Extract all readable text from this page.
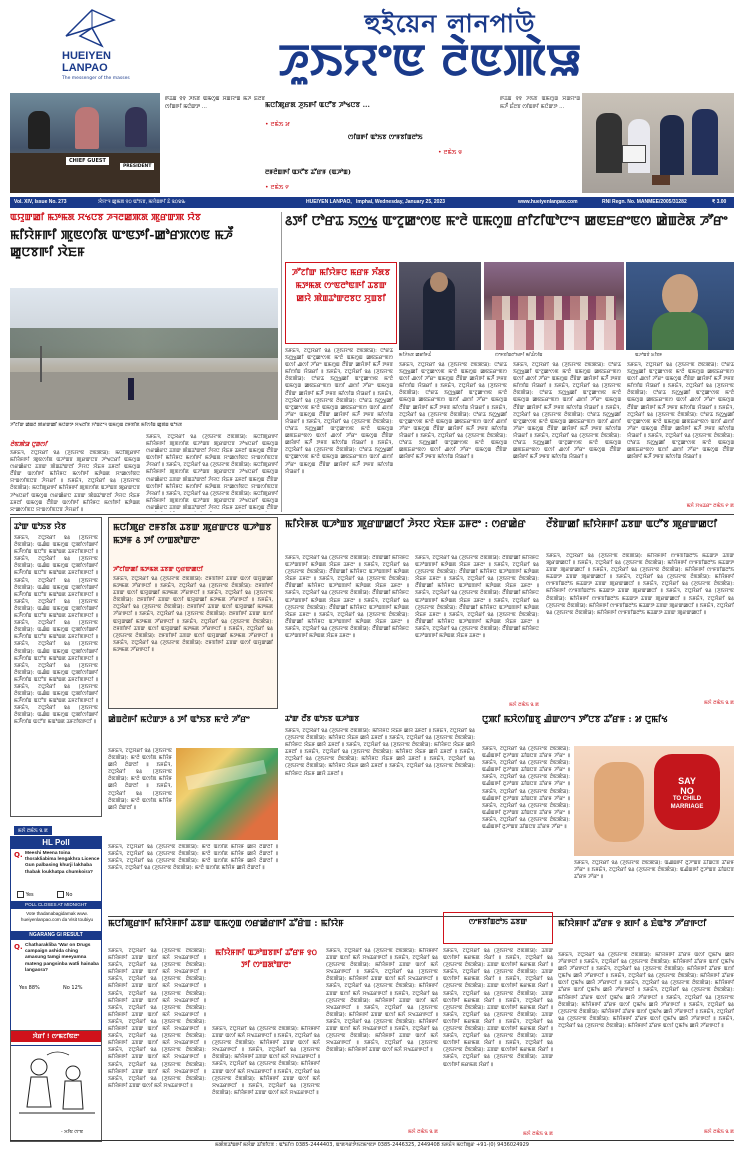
HUEIYEN
LANPAO
The messenger of the masses
হুইয়েন লানপাউ
ꯍꯨꯏꯌꯦꯟ ꯂꯥꯟꯄꯥꯎ
CHIEF GUEST
PRESIDENT
ꯒꯪꯊꯥꯡ ꯱꯱ ꯍꯥꯏꯕ ꯑꯃꯁꯨꯡ ꯆꯥꯡꯌꯦꯡ ꯃꯍꯩ ꯐꯪꯂꯕ ꯁꯤꯡꯒꯤ ꯃꯅꯥꯛꯇ ...	ꯃꯅꯤꯄꯨꯔꯗ ꯍꯨꯏꯒꯤ ꯑꯅꯧꯕ ꯍꯣꯠꯅꯕ ...
• ꯂꯃꯥꯏ ꯷
ꯁꯤꯡꯒꯤ ꯑꯣꯏꯕ ꯁꯦꯝꯕꯤꯡꯂꯣꯏ
• ꯂꯃꯥꯏ ꯶
ꯂꯝꯂꯥꯡꯒꯤ ꯑꯆꯧꯕ ꯊꯧꯔꯝ (ꯑꯍꯣꯡ)
• ꯂꯃꯥꯏ ꯵
ꯒꯪꯊꯥꯡ ꯱꯱ ꯍꯥꯏꯕ ꯑꯃꯁꯨꯡ ꯆꯥꯡꯌꯦꯡ ꯃꯍꯩ ꯐꯪꯂꯕ ꯁꯤꯡꯒꯤ ꯃꯅꯥꯛꯇ ...
Vol. XIV, Issue No. 273	ꯋꯥꯌꯦꯜ ꯀꯨꯃꯗ ꯱꯰ ꯑꯣꯏꯕ, ꯃꯌꯥꯡꯒꯤ ꯊꯥ ꯲꯰꯲꯳	HUEIYEN LANPAO, Imphal, Wednesday, January 25, 2023	www.hueiyenlanpao.com	RNI Regn. No. MANMEE/2005/31282	₹ 3.00
ꯑꯌꯨꯛꯀꯤ ꯃꯇꯃꯗ ꯆꯠꯅꯕ ꯍꯜꯂꯀꯄꯗ ꯄꯨꯔꯛꯄ ꯌꯥꯕ
ꯃꯤꯌꯥꯝꯒꯤ ꯄꯨꯟꯁꯤꯗ ꯑꯦꯟꯇꯤ-ꯀꯣꯔꯞꯁꯟ ꯃꯍꯩ ꯀꯨꯅꯕꯒꯤ ꯋꯥꯐꯝ
ꯍꯧꯖꯤꯛ ꯀꯥꯡꯂꯥ ꯄꯥꯔꯛꯀꯤ ꯃꯅꯥꯛꯇ ꯆꯠꯂꯤꯕ ꯈꯣꯡꯖꯦꯜ ꯑꯃꯁꯨꯡ ꯂꯝꯕꯤꯗ ꯃꯤꯁꯤꯡ ꯀꯨꯗꯥꯡ ꯑꯣꯏꯕ
ꯂꯥꯟꯄꯥꯎ ꯅꯨꯡꯁꯤ
ꯏꯝꯐꯥꯜ, ꯖꯅꯨꯋꯥꯔꯤ ꯲꯴ (ꯍꯨꯏꯌꯦꯟ ꯂꯥꯟꯄꯥꯎ): ꯃꯅꯤꯄꯨꯔꯒꯤ ꯃꯤꯌꯥꯝꯒꯤ ꯄꯨꯟꯁꯤꯗ ꯑꯍꯣꯡꯕ ꯄꯨꯔꯛꯅꯕ ꯍꯣꯠꯅꯔꯤ ꯑꯃꯁꯨꯡ ꯁꯔꯀꯥꯔꯅ ꯊꯕꯛ ꯄꯥꯡꯊꯣꯛꯂꯤ ꯍꯥꯌꯅ ꯋꯥꯐꯝ ꯊꯝꯂꯤ ꯑꯃꯁꯨꯡ ꯂꯩꯕꯥꯛ ꯑꯁꯤꯒꯤ ꯃꯤꯌꯥꯝꯅ ꯃꯁꯤꯒꯤ ꯃꯇꯥꯡꯗ ꯆꯦꯀꯁꯤꯟꯅ ꯌꯦꯡꯁꯤꯟꯅꯕ ꯍꯥꯌꯔꯤ ꯫ ꯏꯝꯐꯥꯜ, ꯖꯅꯨꯋꯥꯔꯤ ꯲꯴ (ꯍꯨꯏꯌꯦꯟ ꯂꯥꯟꯄꯥꯎ): ꯃꯅꯤꯄꯨꯔꯒꯤ ꯃꯤꯌꯥꯝꯒꯤ ꯄꯨꯟꯁꯤꯗ ꯑꯍꯣꯡꯕ ꯄꯨꯔꯛꯅꯕ ꯍꯣꯠꯅꯔꯤ ꯑꯃꯁꯨꯡ ꯁꯔꯀꯥꯔꯅ ꯊꯕꯛ ꯄꯥꯡꯊꯣꯛꯂꯤ ꯍꯥꯌꯅ ꯋꯥꯐꯝ ꯊꯝꯂꯤ ꯑꯃꯁꯨꯡ ꯂꯩꯕꯥꯛ ꯑꯁꯤꯒꯤ ꯃꯤꯌꯥꯝꯅ ꯃꯁꯤꯒꯤ ꯃꯇꯥꯡꯗ ꯆꯦꯀꯁꯤꯟꯅ ꯌꯦꯡꯁꯤꯟꯅꯕ ꯍꯥꯌꯔꯤ ꯫
ꯏꯝꯐꯥꯜ, ꯖꯅꯨꯋꯥꯔꯤ ꯲꯴ (ꯍꯨꯏꯌꯦꯟ ꯂꯥꯟꯄꯥꯎ): ꯃꯅꯤꯄꯨꯔꯒꯤ ꯃꯤꯌꯥꯝꯒꯤ ꯄꯨꯟꯁꯤꯗ ꯑꯍꯣꯡꯕ ꯄꯨꯔꯛꯅꯕ ꯍꯣꯠꯅꯔꯤ ꯑꯃꯁꯨꯡ ꯁꯔꯀꯥꯔꯅ ꯊꯕꯛ ꯄꯥꯡꯊꯣꯛꯂꯤ ꯍꯥꯌꯅ ꯋꯥꯐꯝ ꯊꯝꯂꯤ ꯑꯃꯁꯨꯡ ꯂꯩꯕꯥꯛ ꯑꯁꯤꯒꯤ ꯃꯤꯌꯥꯝꯅ ꯃꯁꯤꯒꯤ ꯃꯇꯥꯡꯗ ꯆꯦꯀꯁꯤꯟꯅ ꯌꯦꯡꯁꯤꯟꯅꯕ ꯍꯥꯌꯔꯤ ꯫ ꯏꯝꯐꯥꯜ, ꯖꯅꯨꯋꯥꯔꯤ ꯲꯴ (ꯍꯨꯏꯌꯦꯟ ꯂꯥꯟꯄꯥꯎ): ꯃꯅꯤꯄꯨꯔꯒꯤ ꯃꯤꯌꯥꯝꯒꯤ ꯄꯨꯟꯁꯤꯗ ꯑꯍꯣꯡꯕ ꯄꯨꯔꯛꯅꯕ ꯍꯣꯠꯅꯔꯤ ꯑꯃꯁꯨꯡ ꯁꯔꯀꯥꯔꯅ ꯊꯕꯛ ꯄꯥꯡꯊꯣꯛꯂꯤ ꯍꯥꯌꯅ ꯋꯥꯐꯝ ꯊꯝꯂꯤ ꯑꯃꯁꯨꯡ ꯂꯩꯕꯥꯛ ꯑꯁꯤꯒꯤ ꯃꯤꯌꯥꯝꯅ ꯃꯁꯤꯒꯤ ꯃꯇꯥꯡꯗ ꯆꯦꯀꯁꯤꯟꯅ ꯌꯦꯡꯁꯤꯟꯅꯕ ꯍꯥꯌꯔꯤ ꯫ ꯏꯝꯐꯥꯜ, ꯖꯅꯨꯋꯥꯔꯤ ꯲꯴ (ꯍꯨꯏꯌꯦꯟ ꯂꯥꯟꯄꯥꯎ): ꯃꯅꯤꯄꯨꯔꯒꯤ ꯃꯤꯌꯥꯝꯒꯤ ꯄꯨꯟꯁꯤꯗ ꯑꯍꯣꯡꯕ ꯄꯨꯔꯛꯅꯕ ꯍꯣꯠꯅꯔꯤ ꯑꯃꯁꯨꯡ ꯁꯔꯀꯥꯔꯅ ꯊꯕꯛ ꯄꯥꯡꯊꯣꯛꯂꯤ ꯍꯥꯌꯅ ꯋꯥꯐꯝ ꯊꯝꯂꯤ ꯑꯃꯁꯨꯡ ꯂꯩꯕꯥꯛ
꯴ꯇꯤ ꯅꯣꯔꯊ ꯏꯁ꯭ꯠ ꯑꯦꯖꯨꯀꯦꯁꯟ ꯃꯦꯂꯥ ꯑꯃꯁꯨꯡ ꯔꯤꯖꯤꯑꯣꯅꯦꯜ ꯀꯟꯐꯔꯦꯟꯁ ꯀꯥꯡꯂꯥꯗ ꯍꯧꯔꯦ
ꯍꯧꯖꯤꯛ ꯃꯤꯌꯥꯝꯅ ꯃꯔꯝ ꯈꯪꯗꯕ ꯃꯇꯃꯗ ꯁꯦꯟꯂꯣꯟꯒꯤ ꯊꯕꯛ ꯀꯌꯥ ꯄꯥꯡꯊꯣꯛꯂꯕꯅ ꯆꯨꯡꯕꯤ
ꯃꯤꯍꯥꯏꯕ ꯀꯔꯤꯝꯊꯪ	ꯁꯦꯝꯕꯤꯡꯂꯣꯏꯒꯤ ꯃꯤꯊꯪꯁꯤꯡ	ꯑꯍꯣꯡꯕꯥ ꯐꯤꯕꯝ
ꯏꯝꯐꯥꯜ, ꯖꯅꯨꯋꯥꯔꯤ ꯲꯴ (ꯍꯨꯏꯌꯦꯟ ꯂꯥꯟꯄꯥꯎ): ꯅꯣꯔꯊ ꯏꯁ꯭ꯠꯀꯤ ꯑꯦꯖꯨꯀꯦꯁꯟ ꯃꯦꯂꯥ ꯑꯃꯁꯨꯡ ꯀꯟꯐꯔꯦꯟꯁ ꯑꯁꯤ ꯉꯁꯤ ꯍꯧꯔꯦ ꯑꯃꯁꯨꯡ ꯂꯩꯕꯥꯛ ꯀꯌꯥꯒꯤ ꯃꯍꯩ ꯇꯝꯕ ꯃꯤꯁꯤꯡ ꯌꯥꯎꯔꯤ ꯫ ꯏꯝꯐꯥꯜ, ꯖꯅꯨꯋꯥꯔꯤ ꯲꯴ (ꯍꯨꯏꯌꯦꯟ ꯂꯥꯟꯄꯥꯎ): ꯅꯣꯔꯊ ꯏꯁ꯭ꯠꯀꯤ ꯑꯦꯖꯨꯀꯦꯁꯟ ꯃꯦꯂꯥ ꯑꯃꯁꯨꯡ ꯀꯟꯐꯔꯦꯟꯁ ꯑꯁꯤ ꯉꯁꯤ ꯍꯧꯔꯦ ꯑꯃꯁꯨꯡ ꯂꯩꯕꯥꯛ ꯀꯌꯥꯒꯤ ꯃꯍꯩ ꯇꯝꯕ ꯃꯤꯁꯤꯡ ꯌꯥꯎꯔꯤ ꯫ ꯏꯝꯐꯥꯜ, ꯖꯅꯨꯋꯥꯔꯤ ꯲꯴ (ꯍꯨꯏꯌꯦꯟ ꯂꯥꯟꯄꯥꯎ): ꯅꯣꯔꯊ ꯏꯁ꯭ꯠꯀꯤ ꯑꯦꯖꯨꯀꯦꯁꯟ ꯃꯦꯂꯥ ꯑꯃꯁꯨꯡ ꯀꯟꯐꯔꯦꯟꯁ ꯑꯁꯤ ꯉꯁꯤ ꯍꯧꯔꯦ ꯑꯃꯁꯨꯡ ꯂꯩꯕꯥꯛ ꯀꯌꯥꯒꯤ ꯃꯍꯩ ꯇꯝꯕ ꯃꯤꯁꯤꯡ ꯌꯥꯎꯔꯤ ꯫ ꯏꯝꯐꯥꯜ, ꯖꯅꯨꯋꯥꯔꯤ ꯲꯴ (ꯍꯨꯏꯌꯦꯟ ꯂꯥꯟꯄꯥꯎ): ꯅꯣꯔꯊ ꯏꯁ꯭ꯠꯀꯤ ꯑꯦꯖꯨꯀꯦꯁꯟ ꯃꯦꯂꯥ ꯑꯃꯁꯨꯡ ꯀꯟꯐꯔꯦꯟꯁ ꯑꯁꯤ ꯉꯁꯤ ꯍꯧꯔꯦ ꯑꯃꯁꯨꯡ ꯂꯩꯕꯥꯛ ꯀꯌꯥꯒꯤ ꯃꯍꯩ ꯇꯝꯕ ꯃꯤꯁꯤꯡ ꯌꯥꯎꯔꯤ ꯫ ꯏꯝꯐꯥꯜ, ꯖꯅꯨꯋꯥꯔꯤ ꯲꯴ (ꯍꯨꯏꯌꯦꯟ ꯂꯥꯟꯄꯥꯎ): ꯅꯣꯔꯊ ꯏꯁ꯭ꯠꯀꯤ ꯑꯦꯖꯨꯀꯦꯁꯟ ꯃꯦꯂꯥ ꯑꯃꯁꯨꯡ ꯀꯟꯐꯔꯦꯟꯁ ꯑꯁꯤ ꯉꯁꯤ ꯍꯧꯔꯦ ꯑꯃꯁꯨꯡ ꯂꯩꯕꯥꯛ ꯀꯌꯥꯒꯤ ꯃꯍꯩ ꯇꯝꯕ ꯃꯤꯁꯤꯡ ꯌꯥꯎꯔꯤ ꯫
ꯏꯝꯐꯥꯜ, ꯖꯅꯨꯋꯥꯔꯤ ꯲꯴ (ꯍꯨꯏꯌꯦꯟ ꯂꯥꯟꯄꯥꯎ): ꯅꯣꯔꯊ ꯏꯁ꯭ꯠꯀꯤ ꯑꯦꯖꯨꯀꯦꯁꯟ ꯃꯦꯂꯥ ꯑꯃꯁꯨꯡ ꯀꯟꯐꯔꯦꯟꯁ ꯑꯁꯤ ꯉꯁꯤ ꯍꯧꯔꯦ ꯑꯃꯁꯨꯡ ꯂꯩꯕꯥꯛ ꯀꯌꯥꯒꯤ ꯃꯍꯩ ꯇꯝꯕ ꯃꯤꯁꯤꯡ ꯌꯥꯎꯔꯤ ꯫ ꯏꯝꯐꯥꯜ, ꯖꯅꯨꯋꯥꯔꯤ ꯲꯴ (ꯍꯨꯏꯌꯦꯟ ꯂꯥꯟꯄꯥꯎ): ꯅꯣꯔꯊ ꯏꯁ꯭ꯠꯀꯤ ꯑꯦꯖꯨꯀꯦꯁꯟ ꯃꯦꯂꯥ ꯑꯃꯁꯨꯡ ꯀꯟꯐꯔꯦꯟꯁ ꯑꯁꯤ ꯉꯁꯤ ꯍꯧꯔꯦ ꯑꯃꯁꯨꯡ ꯂꯩꯕꯥꯛ ꯀꯌꯥꯒꯤ ꯃꯍꯩ ꯇꯝꯕ ꯃꯤꯁꯤꯡ ꯌꯥꯎꯔꯤ ꯫ ꯏꯝꯐꯥꯜ, ꯖꯅꯨꯋꯥꯔꯤ ꯲꯴ (ꯍꯨꯏꯌꯦꯟ ꯂꯥꯟꯄꯥꯎ): ꯅꯣꯔꯊ ꯏꯁ꯭ꯠꯀꯤ ꯑꯦꯖꯨꯀꯦꯁꯟ ꯃꯦꯂꯥ ꯑꯃꯁꯨꯡ ꯀꯟꯐꯔꯦꯟꯁ ꯑꯁꯤ ꯉꯁꯤ ꯍꯧꯔꯦ ꯑꯃꯁꯨꯡ ꯂꯩꯕꯥꯛ ꯀꯌꯥꯒꯤ ꯃꯍꯩ ꯇꯝꯕ ꯃꯤꯁꯤꯡ ꯌꯥꯎꯔꯤ ꯫ ꯏꯝꯐꯥꯜ, ꯖꯅꯨꯋꯥꯔꯤ ꯲꯴ (ꯍꯨꯏꯌꯦꯟ ꯂꯥꯟꯄꯥꯎ): ꯅꯣꯔꯊ ꯏꯁ꯭ꯠꯀꯤ ꯑꯦꯖꯨꯀꯦꯁꯟ ꯃꯦꯂꯥ ꯑꯃꯁꯨꯡ ꯀꯟꯐꯔꯦꯟꯁ ꯑꯁꯤ ꯉꯁꯤ ꯍꯧꯔꯦ ꯑꯃꯁꯨꯡ ꯂꯩꯕꯥꯛ ꯀꯌꯥꯒꯤ ꯃꯍꯩ ꯇꯝꯕ ꯃꯤꯁꯤꯡ ꯌꯥꯎꯔꯤ ꯫
ꯏꯝꯐꯥꯜ, ꯖꯅꯨꯋꯥꯔꯤ ꯲꯴ (ꯍꯨꯏꯌꯦꯟ ꯂꯥꯟꯄꯥꯎ): ꯅꯣꯔꯊ ꯏꯁ꯭ꯠꯀꯤ ꯑꯦꯖꯨꯀꯦꯁꯟ ꯃꯦꯂꯥ ꯑꯃꯁꯨꯡ ꯀꯟꯐꯔꯦꯟꯁ ꯑꯁꯤ ꯉꯁꯤ ꯍꯧꯔꯦ ꯑꯃꯁꯨꯡ ꯂꯩꯕꯥꯛ ꯀꯌꯥꯒꯤ ꯃꯍꯩ ꯇꯝꯕ ꯃꯤꯁꯤꯡ ꯌꯥꯎꯔꯤ ꯫ ꯏꯝꯐꯥꯜ, ꯖꯅꯨꯋꯥꯔꯤ ꯲꯴ (ꯍꯨꯏꯌꯦꯟ ꯂꯥꯟꯄꯥꯎ): ꯅꯣꯔꯊ ꯏꯁ꯭ꯠꯀꯤ ꯑꯦꯖꯨꯀꯦꯁꯟ ꯃꯦꯂꯥ ꯑꯃꯁꯨꯡ ꯀꯟꯐꯔꯦꯟꯁ ꯑꯁꯤ ꯉꯁꯤ ꯍꯧꯔꯦ ꯑꯃꯁꯨꯡ ꯂꯩꯕꯥꯛ ꯀꯌꯥꯒꯤ ꯃꯍꯩ ꯇꯝꯕ ꯃꯤꯁꯤꯡ ꯌꯥꯎꯔꯤ ꯫ ꯏꯝꯐꯥꯜ, ꯖꯅꯨꯋꯥꯔꯤ ꯲꯴ (ꯍꯨꯏꯌꯦꯟ ꯂꯥꯟꯄꯥꯎ): ꯅꯣꯔꯊ ꯏꯁ꯭ꯠꯀꯤ ꯑꯦꯖꯨꯀꯦꯁꯟ ꯃꯦꯂꯥ ꯑꯃꯁꯨꯡ ꯀꯟꯐꯔꯦꯟꯁ ꯑꯁꯤ ꯉꯁꯤ ꯍꯧꯔꯦ ꯑꯃꯁꯨꯡ ꯂꯩꯕꯥꯛ ꯀꯌꯥꯒꯤ ꯃꯍꯩ ꯇꯝꯕ ꯃꯤꯁꯤꯡ ꯌꯥꯎꯔꯤ ꯫ ꯏꯝꯐꯥꯜ, ꯖꯅꯨꯋꯥꯔꯤ ꯲꯴ (ꯍꯨꯏꯌꯦꯟ ꯂꯥꯟꯄꯥꯎ): ꯅꯣꯔꯊ ꯏꯁ꯭ꯠꯀꯤ ꯑꯦꯖꯨꯀꯦꯁꯟ ꯃꯦꯂꯥ ꯑꯃꯁꯨꯡ ꯀꯟꯐꯔꯦꯟꯁ ꯑꯁꯤ ꯉꯁꯤ ꯍꯧꯔꯦ ꯑꯃꯁꯨꯡ ꯂꯩꯕꯥꯛ ꯀꯌꯥꯒꯤ ꯃꯍꯩ ꯇꯝꯕ ꯃꯤꯁꯤꯡ ꯌꯥꯎꯔꯤ ꯫
ꯏꯝꯐꯥꯜ, ꯖꯅꯨꯋꯥꯔꯤ ꯲꯴ (ꯍꯨꯏꯌꯦꯟ ꯂꯥꯟꯄꯥꯎ): ꯅꯣꯔꯊ ꯏꯁ꯭ꯠꯀꯤ ꯑꯦꯖꯨꯀꯦꯁꯟ ꯃꯦꯂꯥ ꯑꯃꯁꯨꯡ ꯀꯟꯐꯔꯦꯟꯁ ꯑꯁꯤ ꯉꯁꯤ ꯍꯧꯔꯦ ꯑꯃꯁꯨꯡ ꯂꯩꯕꯥꯛ ꯀꯌꯥꯒꯤ ꯃꯍꯩ ꯇꯝꯕ ꯃꯤꯁꯤꯡ ꯌꯥꯎꯔꯤ ꯫ ꯏꯝꯐꯥꯜ, ꯖꯅꯨꯋꯥꯔꯤ ꯲꯴ (ꯍꯨꯏꯌꯦꯟ ꯂꯥꯟꯄꯥꯎ): ꯅꯣꯔꯊ ꯏꯁ꯭ꯠꯀꯤ ꯑꯦꯖꯨꯀꯦꯁꯟ ꯃꯦꯂꯥ ꯑꯃꯁꯨꯡ ꯀꯟꯐꯔꯦꯟꯁ ꯑꯁꯤ ꯉꯁꯤ ꯍꯧꯔꯦ ꯑꯃꯁꯨꯡ ꯂꯩꯕꯥꯛ ꯀꯌꯥꯒꯤ ꯃꯍꯩ ꯇꯝꯕ ꯃꯤꯁꯤꯡ ꯌꯥꯎꯔꯤ ꯫ ꯏꯝꯐꯥꯜ, ꯖꯅꯨꯋꯥꯔꯤ ꯲꯴ (ꯍꯨꯏꯌꯦꯟ ꯂꯥꯟꯄꯥꯎ): ꯅꯣꯔꯊ ꯏꯁ꯭ꯠꯀꯤ ꯑꯦꯖꯨꯀꯦꯁꯟ ꯃꯦꯂꯥ ꯑꯃꯁꯨꯡ ꯀꯟꯐꯔꯦꯟꯁ ꯑꯁꯤ ꯉꯁꯤ ꯍꯧꯔꯦ ꯑꯃꯁꯨꯡ ꯂꯩꯕꯥꯛ ꯀꯌꯥꯒꯤ ꯃꯍꯩ ꯇꯝꯕ ꯃꯤꯁꯤꯡ ꯌꯥꯎꯔꯤ ꯫ ꯏꯝꯐꯥꯜ, ꯖꯅꯨꯋꯥꯔꯤ ꯲꯴ (ꯍꯨꯏꯌꯦꯟ ꯂꯥꯟꯄꯥꯎ): ꯅꯣꯔꯊ ꯏꯁ꯭ꯠꯀꯤ ꯑꯦꯖꯨꯀꯦꯁꯟ ꯃꯦꯂꯥ ꯑꯃꯁꯨꯡ ꯀꯟꯐꯔꯦꯟꯁ ꯑꯁꯤ ꯉꯁꯤ ꯍꯧꯔꯦ ꯑꯃꯁꯨꯡ ꯂꯩꯕꯥꯛ ꯀꯌꯥꯒꯤ ꯃꯍꯩ ꯇꯝꯕ ꯃꯤꯁꯤꯡ ꯌꯥꯎꯔꯤ ꯫
ꯃꯈꯥ ꯆꯠꯊꯔꯦ ꯂꯃꯥꯏ ꯵ ꯗ
ꯊꯣꯛ ꯑꯣꯏꯕ ꯌꯥꯕ
ꯏꯝꯐꯥꯜ, ꯖꯅꯨꯋꯥꯔꯤ ꯲꯴ (ꯍꯨꯏꯌꯦꯟ ꯂꯥꯟꯄꯥꯎ): ꯑꯉꯥꯡ ꯑꯃꯁꯨꯡ ꯅꯨꯄꯤꯁꯤꯡꯒꯤ ꯃꯍꯩꯁꯤꯡ ꯑꯅꯧꯕ ꯃꯑꯣꯡꯗ ꯊꯝꯖꯤꯟꯒꯅꯤ ꯫ ꯏꯝꯐꯥꯜ, ꯖꯅꯨꯋꯥꯔꯤ ꯲꯴ (ꯍꯨꯏꯌꯦꯟ ꯂꯥꯟꯄꯥꯎ): ꯑꯉꯥꯡ ꯑꯃꯁꯨꯡ ꯅꯨꯄꯤꯁꯤꯡꯒꯤ ꯃꯍꯩꯁꯤꯡ ꯑꯅꯧꯕ ꯃꯑꯣꯡꯗ ꯊꯝꯖꯤꯟꯒꯅꯤ ꯫ ꯏꯝꯐꯥꯜ, ꯖꯅꯨꯋꯥꯔꯤ ꯲꯴ (ꯍꯨꯏꯌꯦꯟ ꯂꯥꯟꯄꯥꯎ): ꯑꯉꯥꯡ ꯑꯃꯁꯨꯡ ꯅꯨꯄꯤꯁꯤꯡꯒꯤ ꯃꯍꯩꯁꯤꯡ ꯑꯅꯧꯕ ꯃꯑꯣꯡꯗ ꯊꯝꯖꯤꯟꯒꯅꯤ ꯫ ꯏꯝꯐꯥꯜ, ꯖꯅꯨꯋꯥꯔꯤ ꯲꯴ (ꯍꯨꯏꯌꯦꯟ ꯂꯥꯟꯄꯥꯎ): ꯑꯉꯥꯡ ꯑꯃꯁꯨꯡ ꯅꯨꯄꯤꯁꯤꯡꯒꯤ ꯃꯍꯩꯁꯤꯡ ꯑꯅꯧꯕ ꯃꯑꯣꯡꯗ ꯊꯝꯖꯤꯟꯒꯅꯤ ꯫ ꯏꯝꯐꯥꯜ, ꯖꯅꯨꯋꯥꯔꯤ ꯲꯴ (ꯍꯨꯏꯌꯦꯟ ꯂꯥꯟꯄꯥꯎ): ꯑꯉꯥꯡ ꯑꯃꯁꯨꯡ ꯅꯨꯄꯤꯁꯤꯡꯒꯤ ꯃꯍꯩꯁꯤꯡ ꯑꯅꯧꯕ ꯃꯑꯣꯡꯗ ꯊꯝꯖꯤꯟꯒꯅꯤ ꯫ ꯏꯝꯐꯥꯜ, ꯖꯅꯨꯋꯥꯔꯤ ꯲꯴ (ꯍꯨꯏꯌꯦꯟ ꯂꯥꯟꯄꯥꯎ): ꯑꯉꯥꯡ ꯑꯃꯁꯨꯡ ꯅꯨꯄꯤꯁꯤꯡꯒꯤ ꯃꯍꯩꯁꯤꯡ ꯑꯅꯧꯕ ꯃꯑꯣꯡꯗ ꯊꯝꯖꯤꯟꯒꯅꯤ ꯫ ꯏꯝꯐꯥꯜ, ꯖꯅꯨꯋꯥꯔꯤ ꯲꯴ (ꯍꯨꯏꯌꯦꯟ ꯂꯥꯟꯄꯥꯎ): ꯑꯉꯥꯡ ꯑꯃꯁꯨꯡ ꯅꯨꯄꯤꯁꯤꯡꯒꯤ ꯃꯍꯩꯁꯤꯡ ꯑꯅꯧꯕ ꯃꯑꯣꯡꯗ ꯊꯝꯖꯤꯟꯒꯅꯤ ꯫ ꯏꯝꯐꯥꯜ, ꯖꯅꯨꯋꯥꯔꯤ ꯲꯴ (ꯍꯨꯏꯌꯦꯟ ꯂꯥꯟꯄꯥꯎ): ꯑꯉꯥꯡ ꯑꯃꯁꯨꯡ ꯅꯨꯄꯤꯁꯤꯡꯒꯤ ꯃꯍꯩꯁꯤꯡ ꯑꯅꯧꯕ ꯃꯑꯣꯡꯗ ꯊꯝꯖꯤꯟꯒꯅꯤ ꯫ ꯏꯝꯐꯥꯜ, ꯖꯅꯨꯋꯥꯔꯤ ꯲꯴ (ꯍꯨꯏꯌꯦꯟ ꯂꯥꯟꯄꯥꯎ): ꯑꯉꯥꯡ ꯑꯃꯁꯨꯡ ꯅꯨꯄꯤꯁꯤꯡꯒꯤ ꯃꯍꯩꯁꯤꯡ ꯑꯅꯧꯕ ꯃꯑꯣꯡꯗ ꯊꯝꯖꯤꯟꯒꯅꯤ ꯫
ꯃꯅꯤꯄꯨꯔ ꯂꯝꯕꯤꯗ ꯊꯕꯛ ꯄꯨꯔꯛꯅꯕ ꯑꯍꯣꯡꯕ ꯃꯇꯝ ꯴ ꯇꯤ ꯁꯦꯡꯗꯣꯛꯂꯦ
ꯍꯧꯖꯤꯛꯀꯤ ꯃꯇꯃꯗ ꯊꯕꯛ ꯁꯨꯔꯛꯀꯅꯤ
ꯏꯝꯐꯥꯜ, ꯖꯅꯨꯋꯥꯔꯤ ꯲꯴ (ꯍꯨꯏꯌꯦꯟ ꯂꯥꯟꯄꯥꯎ): ꯂꯝꯕꯤꯒꯤ ꯊꯕꯛ ꯑꯁꯤ ꯑꯌꯨꯛꯀꯤ ꯃꯇꯃꯗ ꯍꯧꯔꯒꯅꯤ ꯫ ꯏꯝꯐꯥꯜ, ꯖꯅꯨꯋꯥꯔꯤ ꯲꯴ (ꯍꯨꯏꯌꯦꯟ ꯂꯥꯟꯄꯥꯎ): ꯂꯝꯕꯤꯒꯤ ꯊꯕꯛ ꯑꯁꯤ ꯑꯌꯨꯛꯀꯤ ꯃꯇꯃꯗ ꯍꯧꯔꯒꯅꯤ ꯫ ꯏꯝꯐꯥꯜ, ꯖꯅꯨꯋꯥꯔꯤ ꯲꯴ (ꯍꯨꯏꯌꯦꯟ ꯂꯥꯟꯄꯥꯎ): ꯂꯝꯕꯤꯒꯤ ꯊꯕꯛ ꯑꯁꯤ ꯑꯌꯨꯛꯀꯤ ꯃꯇꯃꯗ ꯍꯧꯔꯒꯅꯤ ꯫ ꯏꯝꯐꯥꯜ, ꯖꯅꯨꯋꯥꯔꯤ ꯲꯴ (ꯍꯨꯏꯌꯦꯟ ꯂꯥꯟꯄꯥꯎ): ꯂꯝꯕꯤꯒꯤ ꯊꯕꯛ ꯑꯁꯤ ꯑꯌꯨꯛꯀꯤ ꯃꯇꯃꯗ ꯍꯧꯔꯒꯅꯤ ꯫ ꯏꯝꯐꯥꯜ, ꯖꯅꯨꯋꯥꯔꯤ ꯲꯴ (ꯍꯨꯏꯌꯦꯟ ꯂꯥꯟꯄꯥꯎ): ꯂꯝꯕꯤꯒꯤ ꯊꯕꯛ ꯑꯁꯤ ꯑꯌꯨꯛꯀꯤ ꯃꯇꯃꯗ ꯍꯧꯔꯒꯅꯤ ꯫ ꯏꯝꯐꯥꯜ, ꯖꯅꯨꯋꯥꯔꯤ ꯲꯴ (ꯍꯨꯏꯌꯦꯟ ꯂꯥꯟꯄꯥꯎ): ꯂꯝꯕꯤꯒꯤ ꯊꯕꯛ ꯑꯁꯤ ꯑꯌꯨꯛꯀꯤ ꯃꯇꯃꯗ ꯍꯧꯔꯒꯅꯤ ꯫ ꯏꯝꯐꯥꯜ, ꯖꯅꯨꯋꯥꯔꯤ ꯲꯴ (ꯍꯨꯏꯌꯦꯟ ꯂꯥꯟꯄꯥꯎ): ꯂꯝꯕꯤꯒꯤ ꯊꯕꯛ ꯑꯁꯤ ꯑꯌꯨꯛꯀꯤ ꯃꯇꯃꯗ ꯍꯧꯔꯒꯅꯤ ꯫ ꯏꯝꯐꯥꯜ, ꯖꯅꯨꯋꯥꯔꯤ ꯲꯴ (ꯍꯨꯏꯌꯦꯟ ꯂꯥꯟꯄꯥꯎ): ꯂꯝꯕꯤꯒꯤ ꯊꯕꯛ ꯑꯁꯤ ꯑꯌꯨꯛꯀꯤ ꯃꯇꯃꯗ ꯍꯧꯔꯒꯅꯤ ꯫
ꯃꯤꯌꯥꯝꯗ ꯑꯍꯣꯡꯕ ꯄꯨꯔꯛꯀꯅꯤ ꯍꯥꯌꯅ ꯋꯥꯐꯝ ꯊꯝꯂꯦ : ꯁꯔꯀꯥꯔ
ꯏꯝꯐꯥꯜ, ꯖꯅꯨꯋꯥꯔꯤ ꯲꯴ (ꯍꯨꯏꯌꯦꯟ ꯂꯥꯟꯄꯥꯎ): ꯂꯩꯕꯥꯛꯀꯤ ꯃꯤꯌꯥꯝꯅ ꯑꯍꯣꯡꯕꯒꯤ ꯃꯇꯥꯡꯗ ꯋꯥꯐꯝ ꯊꯝꯂꯦ ꯫ ꯏꯝꯐꯥꯜ, ꯖꯅꯨꯋꯥꯔꯤ ꯲꯴ (ꯍꯨꯏꯌꯦꯟ ꯂꯥꯟꯄꯥꯎ): ꯂꯩꯕꯥꯛꯀꯤ ꯃꯤꯌꯥꯝꯅ ꯑꯍꯣꯡꯕꯒꯤ ꯃꯇꯥꯡꯗ ꯋꯥꯐꯝ ꯊꯝꯂꯦ ꯫ ꯏꯝꯐꯥꯜ, ꯖꯅꯨꯋꯥꯔꯤ ꯲꯴ (ꯍꯨꯏꯌꯦꯟ ꯂꯥꯟꯄꯥꯎ): ꯂꯩꯕꯥꯛꯀꯤ ꯃꯤꯌꯥꯝꯅ ꯑꯍꯣꯡꯕꯒꯤ ꯃꯇꯥꯡꯗ ꯋꯥꯐꯝ ꯊꯝꯂꯦ ꯫ ꯏꯝꯐꯥꯜ, ꯖꯅꯨꯋꯥꯔꯤ ꯲꯴ (ꯍꯨꯏꯌꯦꯟ ꯂꯥꯟꯄꯥꯎ): ꯂꯩꯕꯥꯛꯀꯤ ꯃꯤꯌꯥꯝꯅ ꯑꯍꯣꯡꯕꯒꯤ ꯃꯇꯥꯡꯗ ꯋꯥꯐꯝ ꯊꯝꯂꯦ ꯫ ꯏꯝꯐꯥꯜ, ꯖꯅꯨꯋꯥꯔꯤ ꯲꯴ (ꯍꯨꯏꯌꯦꯟ ꯂꯥꯟꯄꯥꯎ): ꯂꯩꯕꯥꯛꯀꯤ ꯃꯤꯌꯥꯝꯅ ꯑꯍꯣꯡꯕꯒꯤ ꯃꯇꯥꯡꯗ ꯋꯥꯐꯝ ꯊꯝꯂꯦ ꯫ ꯏꯝꯐꯥꯜ, ꯖꯅꯨꯋꯥꯔꯤ ꯲꯴ (ꯍꯨꯏꯌꯦꯟ ꯂꯥꯟꯄꯥꯎ): ꯂꯩꯕꯥꯛꯀꯤ ꯃꯤꯌꯥꯝꯅ ꯑꯍꯣꯡꯕꯒꯤ ꯃꯇꯥꯡꯗ ꯋꯥꯐꯝ ꯊꯝꯂꯦ ꯫ ꯏꯝꯐꯥꯜ, ꯖꯅꯨꯋꯥꯔꯤ ꯲꯴ (ꯍꯨꯏꯌꯦꯟ ꯂꯥꯟꯄꯥꯎ): ꯂꯩꯕꯥꯛꯀꯤ ꯃꯤꯌꯥꯝꯅ ꯑꯍꯣꯡꯕꯒꯤ ꯃꯇꯥꯡꯗ ꯋꯥꯐꯝ ꯊꯝꯂꯦ ꯫
ꯏꯝꯐꯥꯜ, ꯖꯅꯨꯋꯥꯔꯤ ꯲꯴ (ꯍꯨꯏꯌꯦꯟ ꯂꯥꯟꯄꯥꯎ): ꯂꯩꯕꯥꯛꯀꯤ ꯃꯤꯌꯥꯝꯅ ꯑꯍꯣꯡꯕꯒꯤ ꯃꯇꯥꯡꯗ ꯋꯥꯐꯝ ꯊꯝꯂꯦ ꯫ ꯏꯝꯐꯥꯜ, ꯖꯅꯨꯋꯥꯔꯤ ꯲꯴ (ꯍꯨꯏꯌꯦꯟ ꯂꯥꯟꯄꯥꯎ): ꯂꯩꯕꯥꯛꯀꯤ ꯃꯤꯌꯥꯝꯅ ꯑꯍꯣꯡꯕꯒꯤ ꯃꯇꯥꯡꯗ ꯋꯥꯐꯝ ꯊꯝꯂꯦ ꯫ ꯏꯝꯐꯥꯜ, ꯖꯅꯨꯋꯥꯔꯤ ꯲꯴ (ꯍꯨꯏꯌꯦꯟ ꯂꯥꯟꯄꯥꯎ): ꯂꯩꯕꯥꯛꯀꯤ ꯃꯤꯌꯥꯝꯅ ꯑꯍꯣꯡꯕꯒꯤ ꯃꯇꯥꯡꯗ ꯋꯥꯐꯝ ꯊꯝꯂꯦ ꯫ ꯏꯝꯐꯥꯜ, ꯖꯅꯨꯋꯥꯔꯤ ꯲꯴ (ꯍꯨꯏꯌꯦꯟ ꯂꯥꯟꯄꯥꯎ): ꯂꯩꯕꯥꯛꯀꯤ ꯃꯤꯌꯥꯝꯅ ꯑꯍꯣꯡꯕꯒꯤ ꯃꯇꯥꯡꯗ ꯋꯥꯐꯝ ꯊꯝꯂꯦ ꯫ ꯏꯝꯐꯥꯜ, ꯖꯅꯨꯋꯥꯔꯤ ꯲꯴ (ꯍꯨꯏꯌꯦꯟ ꯂꯥꯟꯄꯥꯎ): ꯂꯩꯕꯥꯛꯀꯤ ꯃꯤꯌꯥꯝꯅ ꯑꯍꯣꯡꯕꯒꯤ ꯃꯇꯥꯡꯗ ꯋꯥꯐꯝ ꯊꯝꯂꯦ ꯫ ꯏꯝꯐꯥꯜ, ꯖꯅꯨꯋꯥꯔꯤ ꯲꯴ (ꯍꯨꯏꯌꯦꯟ ꯂꯥꯟꯄꯥꯎ): ꯂꯩꯕꯥꯛꯀꯤ ꯃꯤꯌꯥꯝꯅ ꯑꯍꯣꯡꯕꯒꯤ ꯃꯇꯥꯡꯗ ꯋꯥꯐꯝ ꯊꯝꯂꯦ ꯫ ꯏꯝꯐꯥꯜ, ꯖꯅꯨꯋꯥꯔꯤ ꯲꯴ (ꯍꯨꯏꯌꯦꯟ ꯂꯥꯟꯄꯥꯎ): ꯂꯩꯕꯥꯛꯀꯤ ꯃꯤꯌꯥꯝꯅ ꯑꯍꯣꯡꯕꯒꯤ ꯃꯇꯥꯡꯗ ꯋꯥꯐꯝ ꯊꯝꯂꯦ ꯫
ꯃꯈꯥ ꯂꯃꯥꯏ ꯲ ꯗ
ꯂꯩꯕꯥꯛꯀꯤ ꯃꯤꯌꯥꯝꯒꯤ ꯊꯕꯛ ꯑꯅꯧꯕ ꯄꯨꯔꯛꯀꯅꯤ
ꯏꯝꯐꯥꯜ, ꯖꯅꯨꯋꯥꯔꯤ ꯲꯴ (ꯍꯨꯏꯌꯦꯟ ꯂꯥꯟꯄꯥꯎ): ꯃꯤꯌꯥꯝꯒꯤ ꯁꯦꯝꯕꯤꯡꯂꯣꯏ ꯃꯊꯛꯇ ꯊꯕꯛ ꯄꯨꯔꯛꯀꯅꯤ ꯫ ꯏꯝꯐꯥꯜ, ꯖꯅꯨꯋꯥꯔꯤ ꯲꯴ (ꯍꯨꯏꯌꯦꯟ ꯂꯥꯟꯄꯥꯎ): ꯃꯤꯌꯥꯝꯒꯤ ꯁꯦꯝꯕꯤꯡꯂꯣꯏ ꯃꯊꯛꯇ ꯊꯕꯛ ꯄꯨꯔꯛꯀꯅꯤ ꯫ ꯏꯝꯐꯥꯜ, ꯖꯅꯨꯋꯥꯔꯤ ꯲꯴ (ꯍꯨꯏꯌꯦꯟ ꯂꯥꯟꯄꯥꯎ): ꯃꯤꯌꯥꯝꯒꯤ ꯁꯦꯝꯕꯤꯡꯂꯣꯏ ꯃꯊꯛꯇ ꯊꯕꯛ ꯄꯨꯔꯛꯀꯅꯤ ꯫ ꯏꯝꯐꯥꯜ, ꯖꯅꯨꯋꯥꯔꯤ ꯲꯴ (ꯍꯨꯏꯌꯦꯟ ꯂꯥꯟꯄꯥꯎ): ꯃꯤꯌꯥꯝꯒꯤ ꯁꯦꯝꯕꯤꯡꯂꯣꯏ ꯃꯊꯛꯇ ꯊꯕꯛ ꯄꯨꯔꯛꯀꯅꯤ ꯫ ꯏꯝꯐꯥꯜ, ꯖꯅꯨꯋꯥꯔꯤ ꯲꯴ (ꯍꯨꯏꯌꯦꯟ ꯂꯥꯟꯄꯥꯎ): ꯃꯤꯌꯥꯝꯒꯤ ꯁꯦꯝꯕꯤꯡꯂꯣꯏ ꯃꯊꯛꯇ ꯊꯕꯛ ꯄꯨꯔꯛꯀꯅꯤ ꯫ ꯏꯝꯐꯥꯜ, ꯖꯅꯨꯋꯥꯔꯤ ꯲꯴ (ꯍꯨꯏꯌꯦꯟ ꯂꯥꯟꯄꯥꯎ): ꯃꯤꯌꯥꯝꯒꯤ ꯁꯦꯝꯕꯤꯡꯂꯣꯏ ꯃꯊꯛꯇ ꯊꯕꯛ ꯄꯨꯔꯛꯀꯅꯤ ꯫ ꯏꯝꯐꯥꯜ, ꯖꯅꯨꯋꯥꯔꯤ ꯲꯴ (ꯍꯨꯏꯌꯦꯟ ꯂꯥꯟꯄꯥꯎ): ꯃꯤꯌꯥꯝꯒꯤ ꯁꯦꯝꯕꯤꯡꯂꯣꯏ ꯃꯊꯛꯇ ꯊꯕꯛ ꯄꯨꯔꯛꯀꯅꯤ ꯫ ꯏꯝꯐꯥꯜ, ꯖꯅꯨꯋꯥꯔꯤ ꯲꯴ (ꯍꯨꯏꯌꯦꯟ ꯂꯥꯟꯄꯥꯎ): ꯃꯤꯌꯥꯝꯒꯤ ꯁꯦꯝꯕꯤꯡꯂꯣꯏ ꯃꯊꯛꯇ ꯊꯕꯛ ꯄꯨꯔꯛꯀꯅꯤ ꯫
ꯃꯈꯥ ꯂꯃꯥꯏ ꯲ ꯗ
ꯀꯥꯡꯂꯥꯒꯤ ꯃꯅꯥꯛꯇ ꯴ ꯇꯤ ꯑꯣꯏꯕ ꯃꯦꯂꯥ ꯍꯧꯔꯦ
ꯏꯝꯐꯥꯜ, ꯖꯅꯨꯋꯥꯔꯤ ꯲꯴ (ꯍꯨꯏꯌꯦꯟ ꯂꯥꯟꯄꯥꯎ): ꯃꯦꯂꯥ ꯑꯁꯤꯗ ꯃꯤꯌꯥꯝ ꯀꯌꯥ ꯂꯥꯛꯂꯤ ꯫ ꯏꯝꯐꯥꯜ, ꯖꯅꯨꯋꯥꯔꯤ ꯲꯴ (ꯍꯨꯏꯌꯦꯟ ꯂꯥꯟꯄꯥꯎ): ꯃꯦꯂꯥ ꯑꯁꯤꯗ ꯃꯤꯌꯥꯝ ꯀꯌꯥ ꯂꯥꯛꯂꯤ ꯫ ꯏꯝꯐꯥꯜ, ꯖꯅꯨꯋꯥꯔꯤ ꯲꯴ (ꯍꯨꯏꯌꯦꯟ ꯂꯥꯟꯄꯥꯎ): ꯃꯦꯂꯥ ꯑꯁꯤꯗ ꯃꯤꯌꯥꯝ ꯀꯌꯥ ꯂꯥꯛꯂꯤ ꯫
ꯏꯝꯐꯥꯜ, ꯖꯅꯨꯋꯥꯔꯤ ꯲꯴ (ꯍꯨꯏꯌꯦꯟ ꯂꯥꯟꯄꯥꯎ): ꯃꯦꯂꯥ ꯑꯁꯤꯗ ꯃꯤꯌꯥꯝ ꯀꯌꯥ ꯂꯥꯛꯂꯤ ꯫ ꯏꯝꯐꯥꯜ, ꯖꯅꯨꯋꯥꯔꯤ ꯲꯴ (ꯍꯨꯏꯌꯦꯟ ꯂꯥꯟꯄꯥꯎ): ꯃꯦꯂꯥ ꯑꯁꯤꯗ ꯃꯤꯌꯥꯝ ꯀꯌꯥ ꯂꯥꯛꯂꯤ ꯫ ꯏꯝꯐꯥꯜ, ꯖꯅꯨꯋꯥꯔꯤ ꯲꯴ (ꯍꯨꯏꯌꯦꯟ ꯂꯥꯟꯄꯥꯎ): ꯃꯦꯂꯥ ꯑꯁꯤꯗ ꯃꯤꯌꯥꯝ ꯀꯌꯥ ꯂꯥꯛꯂꯤ ꯫ ꯏꯝꯐꯥꯜ, ꯖꯅꯨꯋꯥꯔꯤ ꯲꯴ (ꯍꯨꯏꯌꯦꯟ ꯂꯥꯟꯄꯥꯎ): ꯃꯦꯂꯥ ꯑꯁꯤꯗ ꯃꯤꯌꯥꯝ ꯀꯌꯥ ꯂꯥꯛꯂꯤ ꯫
ꯊꯣꯛ ꯂꯩꯕ ꯑꯣꯏꯕ ꯑꯍꯣꯡꯕ
ꯏꯝꯐꯥꯜ, ꯖꯅꯨꯋꯥꯔꯤ ꯲꯴ (ꯍꯨꯏꯌꯦꯟ ꯂꯥꯟꯄꯥꯎ): ꯃꯤꯌꯥꯝꯅ ꯋꯥꯐꯝ ꯀꯌꯥ ꯊꯝꯂꯤ ꯫ ꯏꯝꯐꯥꯜ, ꯖꯅꯨꯋꯥꯔꯤ ꯲꯴ (ꯍꯨꯏꯌꯦꯟ ꯂꯥꯟꯄꯥꯎ): ꯃꯤꯌꯥꯝꯅ ꯋꯥꯐꯝ ꯀꯌꯥ ꯊꯝꯂꯤ ꯫ ꯏꯝꯐꯥꯜ, ꯖꯅꯨꯋꯥꯔꯤ ꯲꯴ (ꯍꯨꯏꯌꯦꯟ ꯂꯥꯟꯄꯥꯎ): ꯃꯤꯌꯥꯝꯅ ꯋꯥꯐꯝ ꯀꯌꯥ ꯊꯝꯂꯤ ꯫ ꯏꯝꯐꯥꯜ, ꯖꯅꯨꯋꯥꯔꯤ ꯲꯴ (ꯍꯨꯏꯌꯦꯟ ꯂꯥꯟꯄꯥꯎ): ꯃꯤꯌꯥꯝꯅ ꯋꯥꯐꯝ ꯀꯌꯥ ꯊꯝꯂꯤ ꯫ ꯏꯝꯐꯥꯜ, ꯖꯅꯨꯋꯥꯔꯤ ꯲꯴ (ꯍꯨꯏꯌꯦꯟ ꯂꯥꯟꯄꯥꯎ): ꯃꯤꯌꯥꯝꯅ ꯋꯥꯐꯝ ꯀꯌꯥ ꯊꯝꯂꯤ ꯫ ꯏꯝꯐꯥꯜ, ꯖꯅꯨꯋꯥꯔꯤ ꯲꯴ (ꯍꯨꯏꯌꯦꯟ ꯂꯥꯟꯄꯥꯎ): ꯃꯤꯌꯥꯝꯅ ꯋꯥꯐꯝ ꯀꯌꯥ ꯊꯝꯂꯤ ꯫ ꯏꯝꯐꯥꯜ, ꯖꯅꯨꯋꯥꯔꯤ ꯲꯴ (ꯍꯨꯏꯌꯦꯟ ꯂꯥꯟꯄꯥꯎ): ꯃꯤꯌꯥꯝꯅ ꯋꯥꯐꯝ ꯀꯌꯥ ꯊꯝꯂꯤ ꯫ ꯏꯝꯐꯥꯜ, ꯖꯅꯨꯋꯥꯔꯤ ꯲꯴ (ꯍꯨꯏꯌꯦꯟ ꯂꯥꯟꯄꯥꯎ): ꯃꯤꯌꯥꯝꯅ ꯋꯥꯐꯝ ꯀꯌꯥ ꯊꯝꯂꯤ ꯫
ꯅꯨꯄꯤ ꯃꯆꯥꯁꯤꯡꯕꯨ ꯉꯥꯛꯁꯦꯜ ꯇꯧꯅꯕ ꯊꯧꯔꯝ : ꯷ ꯅꯨꯃꯤꯠ
ꯏꯝꯐꯥꯜ, ꯖꯅꯨꯋꯥꯔꯤ ꯲꯴ (ꯍꯨꯏꯌꯦꯟ ꯂꯥꯟꯄꯥꯎ): ꯑꯉꯥꯡꯒꯤ ꯂꯨꯍꯣꯡꯕ ꯊꯤꯡꯅꯕ ꯊꯧꯔꯝ ꯍꯧꯔꯦ ꯫ ꯏꯝꯐꯥꯜ, ꯖꯅꯨꯋꯥꯔꯤ ꯲꯴ (ꯍꯨꯏꯌꯦꯟ ꯂꯥꯟꯄꯥꯎ): ꯑꯉꯥꯡꯒꯤ ꯂꯨꯍꯣꯡꯕ ꯊꯤꯡꯅꯕ ꯊꯧꯔꯝ ꯍꯧꯔꯦ ꯫ ꯏꯝꯐꯥꯜ, ꯖꯅꯨꯋꯥꯔꯤ ꯲꯴ (ꯍꯨꯏꯌꯦꯟ ꯂꯥꯟꯄꯥꯎ): ꯑꯉꯥꯡꯒꯤ ꯂꯨꯍꯣꯡꯕ ꯊꯤꯡꯅꯕ ꯊꯧꯔꯝ ꯍꯧꯔꯦ ꯫ ꯏꯝꯐꯥꯜ, ꯖꯅꯨꯋꯥꯔꯤ ꯲꯴ (ꯍꯨꯏꯌꯦꯟ ꯂꯥꯟꯄꯥꯎ): ꯑꯉꯥꯡꯒꯤ ꯂꯨꯍꯣꯡꯕ ꯊꯤꯡꯅꯕ ꯊꯧꯔꯝ ꯍꯧꯔꯦ ꯫ ꯏꯝꯐꯥꯜ, ꯖꯅꯨꯋꯥꯔꯤ ꯲꯴ (ꯍꯨꯏꯌꯦꯟ ꯂꯥꯟꯄꯥꯎ): ꯑꯉꯥꯡꯒꯤ ꯂꯨꯍꯣꯡꯕ ꯊꯤꯡꯅꯕ ꯊꯧꯔꯝ ꯍꯧꯔꯦ ꯫ ꯏꯝꯐꯥꯜ, ꯖꯅꯨꯋꯥꯔꯤ ꯲꯴ (ꯍꯨꯏꯌꯦꯟ ꯂꯥꯟꯄꯥꯎ): ꯑꯉꯥꯡꯒꯤ ꯂꯨꯍꯣꯡꯕ ꯊꯤꯡꯅꯕ ꯊꯧꯔꯝ ꯍꯧꯔꯦ ꯫
SAY
NO
TO CHILD
MARRIAGE
ꯏꯝꯐꯥꯜ, ꯖꯅꯨꯋꯥꯔꯤ ꯲꯴ (ꯍꯨꯏꯌꯦꯟ ꯂꯥꯟꯄꯥꯎ): ꯑꯉꯥꯡꯒꯤ ꯂꯨꯍꯣꯡꯕ ꯊꯤꯡꯅꯕ ꯊꯧꯔꯝ ꯍꯧꯔꯦ ꯫ ꯏꯝꯐꯥꯜ, ꯖꯅꯨꯋꯥꯔꯤ ꯲꯴ (ꯍꯨꯏꯌꯦꯟ ꯂꯥꯟꯄꯥꯎ): ꯑꯉꯥꯡꯒꯤ ꯂꯨꯍꯣꯡꯕ ꯊꯤꯡꯅꯕ ꯊꯧꯔꯝ ꯍꯧꯔꯦ ꯫
ꯃꯈꯥ ꯂꯃꯥꯏ ꯲ ꯗ
HL Poll
Q. Meeshi Meena toina thorakliabima lengakhra Licence Gun palbasing khurji lakhaba thabak loukhatpa chumkoira?
Yes	No
POLL CLOSES AT MIDNIGHT
Vote thadanabagidamak www. hueiyenlanpao.com da Visit toubiyu
NGARANG GI RESULT
Q. Chatharakliba 'War on Drugs campaign ashida ching amasung tamgi meeyamna mateng pangsinba watli hainaba langaora?
Yes 88%	No 12%
ꯋꯥꯔꯤ ! ꯁꯦꯃꯖꯤꯟꯂꯦ
- ꯆꯤꯟ ꯁꯦꯟ
ꯃꯅꯤꯄꯨꯔꯒꯤ ꯃꯤꯌꯥꯝꯒꯤ ꯊꯕꯛ ꯑꯃꯁꯨꯡ ꯁꯔꯀꯥꯔꯒꯤ ꯊꯧꯔꯥꯡ : ꯃꯤꯌꯥꯝ
ꯏꯝꯐꯥꯜ, ꯖꯅꯨꯋꯥꯔꯤ ꯲꯴ (ꯍꯨꯏꯌꯦꯟ ꯂꯥꯟꯄꯥꯎ): ꯃꯤꯌꯥꯝꯒꯤ ꯊꯕꯛ ꯑꯁꯤ ꯃꯈꯥ ꯆꯠꯊꯔꯒꯅꯤ ꯫ ꯏꯝꯐꯥꯜ, ꯖꯅꯨꯋꯥꯔꯤ ꯲꯴ (ꯍꯨꯏꯌꯦꯟ ꯂꯥꯟꯄꯥꯎ): ꯃꯤꯌꯥꯝꯒꯤ ꯊꯕꯛ ꯑꯁꯤ ꯃꯈꯥ ꯆꯠꯊꯔꯒꯅꯤ ꯫ ꯏꯝꯐꯥꯜ, ꯖꯅꯨꯋꯥꯔꯤ ꯲꯴ (ꯍꯨꯏꯌꯦꯟ ꯂꯥꯟꯄꯥꯎ): ꯃꯤꯌꯥꯝꯒꯤ ꯊꯕꯛ ꯑꯁꯤ ꯃꯈꯥ ꯆꯠꯊꯔꯒꯅꯤ ꯫ ꯏꯝꯐꯥꯜ, ꯖꯅꯨꯋꯥꯔꯤ ꯲꯴ (ꯍꯨꯏꯌꯦꯟ ꯂꯥꯟꯄꯥꯎ): ꯃꯤꯌꯥꯝꯒꯤ ꯊꯕꯛ ꯑꯁꯤ ꯃꯈꯥ ꯆꯠꯊꯔꯒꯅꯤ ꯫ ꯏꯝꯐꯥꯜ, ꯖꯅꯨꯋꯥꯔꯤ ꯲꯴ (ꯍꯨꯏꯌꯦꯟ ꯂꯥꯟꯄꯥꯎ): ꯃꯤꯌꯥꯝꯒꯤ ꯊꯕꯛ ꯑꯁꯤ ꯃꯈꯥ ꯆꯠꯊꯔꯒꯅꯤ ꯫ ꯏꯝꯐꯥꯜ, ꯖꯅꯨꯋꯥꯔꯤ ꯲꯴ (ꯍꯨꯏꯌꯦꯟ ꯂꯥꯟꯄꯥꯎ): ꯃꯤꯌꯥꯝꯒꯤ ꯊꯕꯛ ꯑꯁꯤ ꯃꯈꯥ ꯆꯠꯊꯔꯒꯅꯤ ꯫ ꯏꯝꯐꯥꯜ, ꯖꯅꯨꯋꯥꯔꯤ ꯲꯴ (ꯍꯨꯏꯌꯦꯟ ꯂꯥꯟꯄꯥꯎ): ꯃꯤꯌꯥꯝꯒꯤ ꯊꯕꯛ ꯑꯁꯤ ꯃꯈꯥ ꯆꯠꯊꯔꯒꯅꯤ ꯫ ꯏꯝꯐꯥꯜ, ꯖꯅꯨꯋꯥꯔꯤ ꯲꯴ (ꯍꯨꯏꯌꯦꯟ ꯂꯥꯟꯄꯥꯎ): ꯃꯤꯌꯥꯝꯒꯤ ꯊꯕꯛ ꯑꯁꯤ ꯃꯈꯥ ꯆꯠꯊꯔꯒꯅꯤ ꯫ ꯏꯝꯐꯥꯜ, ꯖꯅꯨꯋꯥꯔꯤ ꯲꯴ (ꯍꯨꯏꯌꯦꯟ ꯂꯥꯟꯄꯥꯎ): ꯃꯤꯌꯥꯝꯒꯤ ꯊꯕꯛ ꯑꯁꯤ ꯃꯈꯥ ꯆꯠꯊꯔꯒꯅꯤ ꯫ ꯏꯝꯐꯥꯜ, ꯖꯅꯨꯋꯥꯔꯤ ꯲꯴ (ꯍꯨꯏꯌꯦꯟ ꯂꯥꯟꯄꯥꯎ): ꯃꯤꯌꯥꯝꯒꯤ ꯊꯕꯛ ꯑꯁꯤ ꯃꯈꯥ ꯆꯠꯊꯔꯒꯅꯤ ꯫
ꯃꯤꯌꯥꯝꯒꯤ ꯑꯍꯣꯡꯕꯒꯤ ꯊꯧꯔꯝ ꯱꯰ ꯇꯤ ꯁꯦꯡꯗꯣꯛꯂꯦ
ꯏꯝꯐꯥꯜ, ꯖꯅꯨꯋꯥꯔꯤ ꯲꯴ (ꯍꯨꯏꯌꯦꯟ ꯂꯥꯟꯄꯥꯎ): ꯃꯤꯌꯥꯝꯒꯤ ꯊꯕꯛ ꯑꯁꯤ ꯃꯈꯥ ꯆꯠꯊꯔꯒꯅꯤ ꯫ ꯏꯝꯐꯥꯜ, ꯖꯅꯨꯋꯥꯔꯤ ꯲꯴ (ꯍꯨꯏꯌꯦꯟ ꯂꯥꯟꯄꯥꯎ): ꯃꯤꯌꯥꯝꯒꯤ ꯊꯕꯛ ꯑꯁꯤ ꯃꯈꯥ ꯆꯠꯊꯔꯒꯅꯤ ꯫ ꯏꯝꯐꯥꯜ, ꯖꯅꯨꯋꯥꯔꯤ ꯲꯴ (ꯍꯨꯏꯌꯦꯟ ꯂꯥꯟꯄꯥꯎ): ꯃꯤꯌꯥꯝꯒꯤ ꯊꯕꯛ ꯑꯁꯤ ꯃꯈꯥ ꯆꯠꯊꯔꯒꯅꯤ ꯫ ꯏꯝꯐꯥꯜ, ꯖꯅꯨꯋꯥꯔꯤ ꯲꯴ (ꯍꯨꯏꯌꯦꯟ ꯂꯥꯟꯄꯥꯎ): ꯃꯤꯌꯥꯝꯒꯤ ꯊꯕꯛ ꯑꯁꯤ ꯃꯈꯥ ꯆꯠꯊꯔꯒꯅꯤ ꯫ ꯏꯝꯐꯥꯜ, ꯖꯅꯨꯋꯥꯔꯤ ꯲꯴ (ꯍꯨꯏꯌꯦꯟ ꯂꯥꯟꯄꯥꯎ): ꯃꯤꯌꯥꯝꯒꯤ ꯊꯕꯛ ꯑꯁꯤ ꯃꯈꯥ ꯆꯠꯊꯔꯒꯅꯤ ꯫ ꯏꯝꯐꯥꯜ, ꯖꯅꯨꯋꯥꯔꯤ ꯲꯴ (ꯍꯨꯏꯌꯦꯟ ꯂꯥꯟꯄꯥꯎ): ꯃꯤꯌꯥꯝꯒꯤ ꯊꯕꯛ ꯑꯁꯤ ꯃꯈꯥ ꯆꯠꯊꯔꯒꯅꯤ ꯫
ꯏꯝꯐꯥꯜ, ꯖꯅꯨꯋꯥꯔꯤ ꯲꯴ (ꯍꯨꯏꯌꯦꯟ ꯂꯥꯟꯄꯥꯎ): ꯃꯤꯌꯥꯝꯒꯤ ꯊꯕꯛ ꯑꯁꯤ ꯃꯈꯥ ꯆꯠꯊꯔꯒꯅꯤ ꯫ ꯏꯝꯐꯥꯜ, ꯖꯅꯨꯋꯥꯔꯤ ꯲꯴ (ꯍꯨꯏꯌꯦꯟ ꯂꯥꯟꯄꯥꯎ): ꯃꯤꯌꯥꯝꯒꯤ ꯊꯕꯛ ꯑꯁꯤ ꯃꯈꯥ ꯆꯠꯊꯔꯒꯅꯤ ꯫ ꯏꯝꯐꯥꯜ, ꯖꯅꯨꯋꯥꯔꯤ ꯲꯴ (ꯍꯨꯏꯌꯦꯟ ꯂꯥꯟꯄꯥꯎ): ꯃꯤꯌꯥꯝꯒꯤ ꯊꯕꯛ ꯑꯁꯤ ꯃꯈꯥ ꯆꯠꯊꯔꯒꯅꯤ ꯫ ꯏꯝꯐꯥꯜ, ꯖꯅꯨꯋꯥꯔꯤ ꯲꯴ (ꯍꯨꯏꯌꯦꯟ ꯂꯥꯟꯄꯥꯎ): ꯃꯤꯌꯥꯝꯒꯤ ꯊꯕꯛ ꯑꯁꯤ ꯃꯈꯥ ꯆꯠꯊꯔꯒꯅꯤ ꯫ ꯏꯝꯐꯥꯜ, ꯖꯅꯨꯋꯥꯔꯤ ꯲꯴ (ꯍꯨꯏꯌꯦꯟ ꯂꯥꯟꯄꯥꯎ): ꯃꯤꯌꯥꯝꯒꯤ ꯊꯕꯛ ꯑꯁꯤ ꯃꯈꯥ ꯆꯠꯊꯔꯒꯅꯤ ꯫ ꯏꯝꯐꯥꯜ, ꯖꯅꯨꯋꯥꯔꯤ ꯲꯴ (ꯍꯨꯏꯌꯦꯟ ꯂꯥꯟꯄꯥꯎ): ꯃꯤꯌꯥꯝꯒꯤ ꯊꯕꯛ ꯑꯁꯤ ꯃꯈꯥ ꯆꯠꯊꯔꯒꯅꯤ ꯫ ꯏꯝꯐꯥꯜ, ꯖꯅꯨꯋꯥꯔꯤ ꯲꯴ (ꯍꯨꯏꯌꯦꯟ ꯂꯥꯟꯄꯥꯎ): ꯃꯤꯌꯥꯝꯒꯤ ꯊꯕꯛ ꯑꯁꯤ ꯃꯈꯥ ꯆꯠꯊꯔꯒꯅꯤ ꯫ ꯏꯝꯐꯥꯜ, ꯖꯅꯨꯋꯥꯔꯤ ꯲꯴ (ꯍꯨꯏꯌꯦꯟ ꯂꯥꯟꯄꯥꯎ): ꯃꯤꯌꯥꯝꯒꯤ ꯊꯕꯛ ꯑꯁꯤ ꯃꯈꯥ ꯆꯠꯊꯔꯒꯅꯤ ꯫ ꯏꯝꯐꯥꯜ, ꯖꯅꯨꯋꯥꯔꯤ ꯲꯴ (ꯍꯨꯏꯌꯦꯟ ꯂꯥꯟꯄꯥꯎ): ꯃꯤꯌꯥꯝꯒꯤ ꯊꯕꯛ ꯑꯁꯤ ꯃꯈꯥ ꯆꯠꯊꯔꯒꯅꯤ ꯫
ꯃꯈꯥ ꯂꯃꯥꯏ ꯲ ꯗ
ꯁꯦꯝꯕꯤꯡꯂꯣꯏ ꯊꯕꯛ
ꯏꯝꯐꯥꯜ, ꯖꯅꯨꯋꯥꯔꯤ ꯲꯴ (ꯍꯨꯏꯌꯦꯟ ꯂꯥꯟꯄꯥꯎ): ꯊꯕꯛ ꯑꯁꯤꯒꯤ ꯃꯔꯃꯗ ꯋꯥꯔꯤ ꯫ ꯏꯝꯐꯥꯜ, ꯖꯅꯨꯋꯥꯔꯤ ꯲꯴ (ꯍꯨꯏꯌꯦꯟ ꯂꯥꯟꯄꯥꯎ): ꯊꯕꯛ ꯑꯁꯤꯒꯤ ꯃꯔꯃꯗ ꯋꯥꯔꯤ ꯫ ꯏꯝꯐꯥꯜ, ꯖꯅꯨꯋꯥꯔꯤ ꯲꯴ (ꯍꯨꯏꯌꯦꯟ ꯂꯥꯟꯄꯥꯎ): ꯊꯕꯛ ꯑꯁꯤꯒꯤ ꯃꯔꯃꯗ ꯋꯥꯔꯤ ꯫ ꯏꯝꯐꯥꯜ, ꯖꯅꯨꯋꯥꯔꯤ ꯲꯴ (ꯍꯨꯏꯌꯦꯟ ꯂꯥꯟꯄꯥꯎ): ꯊꯕꯛ ꯑꯁꯤꯒꯤ ꯃꯔꯃꯗ ꯋꯥꯔꯤ ꯫ ꯏꯝꯐꯥꯜ, ꯖꯅꯨꯋꯥꯔꯤ ꯲꯴ (ꯍꯨꯏꯌꯦꯟ ꯂꯥꯟꯄꯥꯎ): ꯊꯕꯛ ꯑꯁꯤꯒꯤ ꯃꯔꯃꯗ ꯋꯥꯔꯤ ꯫ ꯏꯝꯐꯥꯜ, ꯖꯅꯨꯋꯥꯔꯤ ꯲꯴ (ꯍꯨꯏꯌꯦꯟ ꯂꯥꯟꯄꯥꯎ): ꯊꯕꯛ ꯑꯁꯤꯒꯤ ꯃꯔꯃꯗ ꯋꯥꯔꯤ ꯫ ꯏꯝꯐꯥꯜ, ꯖꯅꯨꯋꯥꯔꯤ ꯲꯴ (ꯍꯨꯏꯌꯦꯟ ꯂꯥꯟꯄꯥꯎ): ꯊꯕꯛ ꯑꯁꯤꯒꯤ ꯃꯔꯃꯗ ꯋꯥꯔꯤ ꯫ ꯏꯝꯐꯥꯜ, ꯖꯅꯨꯋꯥꯔꯤ ꯲꯴ (ꯍꯨꯏꯌꯦꯟ ꯂꯥꯟꯄꯥꯎ): ꯊꯕꯛ ꯑꯁꯤꯒꯤ ꯃꯔꯃꯗ ꯋꯥꯔꯤ ꯫ ꯏꯝꯐꯥꯜ, ꯖꯅꯨꯋꯥꯔꯤ ꯲꯴ (ꯍꯨꯏꯌꯦꯟ ꯂꯥꯟꯄꯥꯎ): ꯊꯕꯛ ꯑꯁꯤꯒꯤ ꯃꯔꯃꯗ ꯋꯥꯔꯤ ꯫ ꯏꯝꯐꯥꯜ, ꯖꯅꯨꯋꯥꯔꯤ ꯲꯴ (ꯍꯨꯏꯌꯦꯟ ꯂꯥꯟꯄꯥꯎ): ꯊꯕꯛ ꯑꯁꯤꯒꯤ ꯃꯔꯃꯗ ꯋꯥꯔꯤ ꯫ ꯏꯝꯐꯥꯜ, ꯖꯅꯨꯋꯥꯔꯤ ꯲꯴ (ꯍꯨꯏꯌꯦꯟ ꯂꯥꯟꯄꯥꯎ): ꯊꯕꯛ ꯑꯁꯤꯒꯤ ꯃꯔꯃꯗ ꯋꯥꯔꯤ ꯫
ꯃꯈꯥ ꯂꯃꯥꯏ ꯲ ꯗ
ꯃꯤꯌꯥꯝꯒꯤ ꯊꯧꯔꯝ ꯱ ꯗꯒꯤ ꯴ ꯐꯥꯑꯣꯕ ꯍꯧꯔꯒꯅꯤ
ꯏꯝꯐꯥꯜ, ꯖꯅꯨꯋꯥꯔꯤ ꯲꯴ (ꯍꯨꯏꯌꯦꯟ ꯂꯥꯟꯄꯥꯎ): ꯃꯤꯌꯥꯝꯒꯤ ꯊꯧꯔꯝ ꯑꯁꯤ ꯅꯨꯃꯤꯠ ꯀꯌꯥ ꯍꯧꯔꯒꯅꯤ ꯫ ꯏꯝꯐꯥꯜ, ꯖꯅꯨꯋꯥꯔꯤ ꯲꯴ (ꯍꯨꯏꯌꯦꯟ ꯂꯥꯟꯄꯥꯎ): ꯃꯤꯌꯥꯝꯒꯤ ꯊꯧꯔꯝ ꯑꯁꯤ ꯅꯨꯃꯤꯠ ꯀꯌꯥ ꯍꯧꯔꯒꯅꯤ ꯫ ꯏꯝꯐꯥꯜ, ꯖꯅꯨꯋꯥꯔꯤ ꯲꯴ (ꯍꯨꯏꯌꯦꯟ ꯂꯥꯟꯄꯥꯎ): ꯃꯤꯌꯥꯝꯒꯤ ꯊꯧꯔꯝ ꯑꯁꯤ ꯅꯨꯃꯤꯠ ꯀꯌꯥ ꯍꯧꯔꯒꯅꯤ ꯫ ꯏꯝꯐꯥꯜ, ꯖꯅꯨꯋꯥꯔꯤ ꯲꯴ (ꯍꯨꯏꯌꯦꯟ ꯂꯥꯟꯄꯥꯎ): ꯃꯤꯌꯥꯝꯒꯤ ꯊꯧꯔꯝ ꯑꯁꯤ ꯅꯨꯃꯤꯠ ꯀꯌꯥ ꯍꯧꯔꯒꯅꯤ ꯫ ꯏꯝꯐꯥꯜ, ꯖꯅꯨꯋꯥꯔꯤ ꯲꯴ (ꯍꯨꯏꯌꯦꯟ ꯂꯥꯟꯄꯥꯎ): ꯃꯤꯌꯥꯝꯒꯤ ꯊꯧꯔꯝ ꯑꯁꯤ ꯅꯨꯃꯤꯠ ꯀꯌꯥ ꯍꯧꯔꯒꯅꯤ ꯫ ꯏꯝꯐꯥꯜ, ꯖꯅꯨꯋꯥꯔꯤ ꯲꯴ (ꯍꯨꯏꯌꯦꯟ ꯂꯥꯟꯄꯥꯎ): ꯃꯤꯌꯥꯝꯒꯤ ꯊꯧꯔꯝ ꯑꯁꯤ ꯅꯨꯃꯤꯠ ꯀꯌꯥ ꯍꯧꯔꯒꯅꯤ ꯫ ꯏꯝꯐꯥꯜ, ꯖꯅꯨꯋꯥꯔꯤ ꯲꯴ (ꯍꯨꯏꯌꯦꯟ ꯂꯥꯟꯄꯥꯎ): ꯃꯤꯌꯥꯝꯒꯤ ꯊꯧꯔꯝ ꯑꯁꯤ ꯅꯨꯃꯤꯠ ꯀꯌꯥ ꯍꯧꯔꯒꯅꯤ ꯫ ꯏꯝꯐꯥꯜ, ꯖꯅꯨꯋꯥꯔꯤ ꯲꯴ (ꯍꯨꯏꯌꯦꯟ ꯂꯥꯟꯄꯥꯎ): ꯃꯤꯌꯥꯝꯒꯤ ꯊꯧꯔꯝ ꯑꯁꯤ ꯅꯨꯃꯤꯠ ꯀꯌꯥ ꯍꯧꯔꯒꯅꯤ ꯫ ꯏꯝꯐꯥꯜ, ꯖꯅꯨꯋꯥꯔꯤ ꯲꯴ (ꯍꯨꯏꯌꯦꯟ ꯂꯥꯟꯄꯥꯎ): ꯃꯤꯌꯥꯝꯒꯤ ꯊꯧꯔꯝ ꯑꯁꯤ ꯅꯨꯃꯤꯠ ꯀꯌꯥ ꯍꯧꯔꯒꯅꯤ ꯫ ꯏꯝꯐꯥꯜ, ꯖꯅꯨꯋꯥꯔꯤ ꯲꯴ (ꯍꯨꯏꯌꯦꯟ ꯂꯥꯟꯄꯥꯎ): ꯃꯤꯌꯥꯝꯒꯤ ꯊꯧꯔꯝ ꯑꯁꯤ ꯅꯨꯃꯤꯠ ꯀꯌꯥ ꯍꯧꯔꯒꯅꯤ ꯫
ꯃꯈꯥ ꯂꯃꯥꯏ ꯲ ꯗ
ꯃꯄꯥꯟꯊꯣꯡꯒꯤ ꯃꯆꯥꯛ ꯊꯤꯕꯤꯅꯕ : ꯑꯣꯐꯤꯁ 0385-2444403, ꯑꯦꯗꯚꯔꯇꯥꯏꯖꯃꯦꯟꯇ 0385-2446325, 2449408 ꯏꯝꯐꯥꯜ ꯃꯅꯤꯄꯨꯔ +91-(0) 9436024929
